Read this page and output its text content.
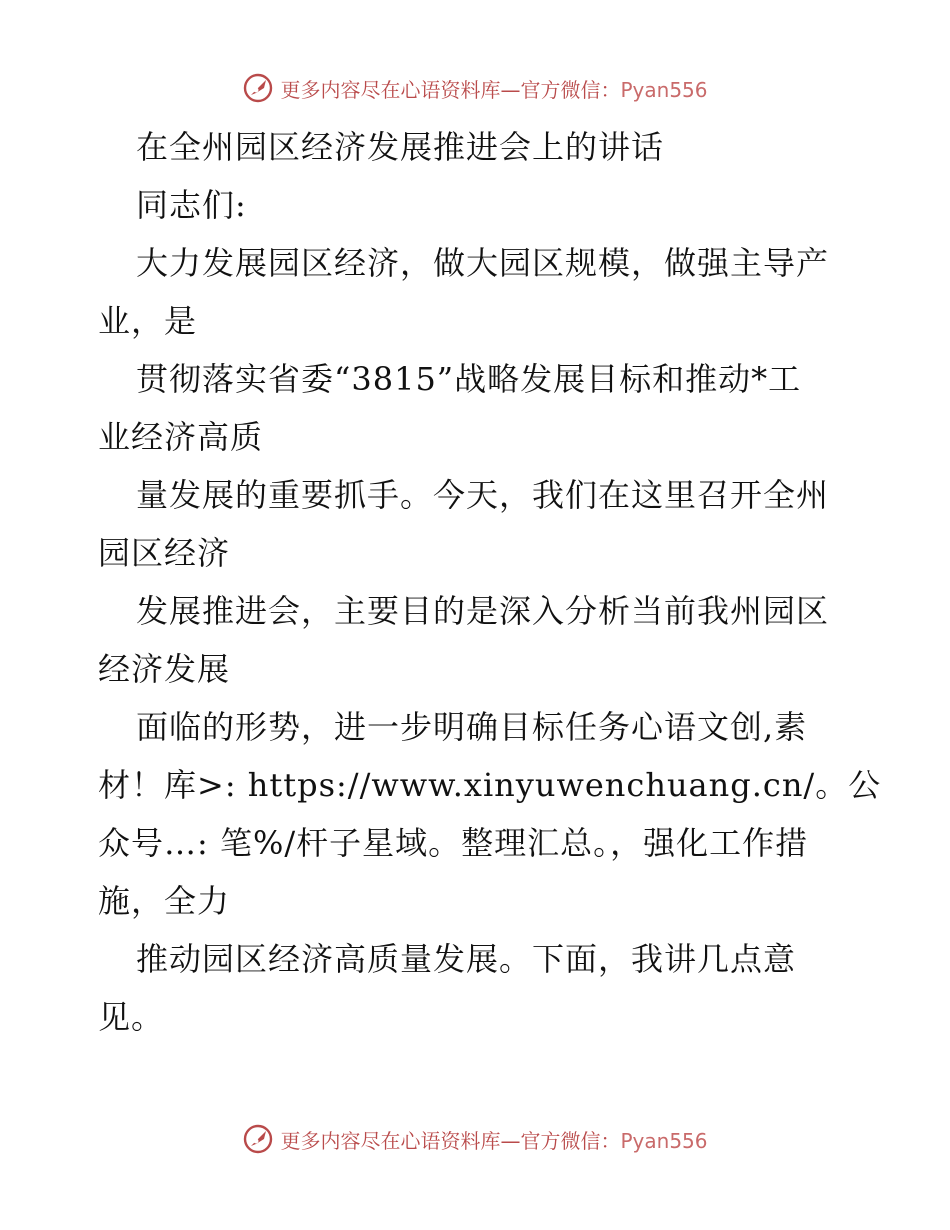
更多内容尽在心语资料库—官方微信：Pyan556
在全州园区经济发展推进会上的讲话
同志们:
大力发展园区经济，做大园区规模，做强主导产
业，是
贯彻落实省委“3815”战略发展目标和推动*工
业经济高质
量发展的重要抓手。今天，我们在这里召开全州
园区经济
发展推进会，主要目的是深入分析当前我州园区
经济发展
面临的形势，进一步明确目标任务心语文创,素
材！库>: https://www.xinyuwenchuang.cn/。公
众号…: 笔%/杆子星域。整理汇总。，强化工作措
施，全力
推动园区经济高质量发展。下面，我讲几点意
见。
更多内容尽在心语资料库—官方微信：Pyan556
